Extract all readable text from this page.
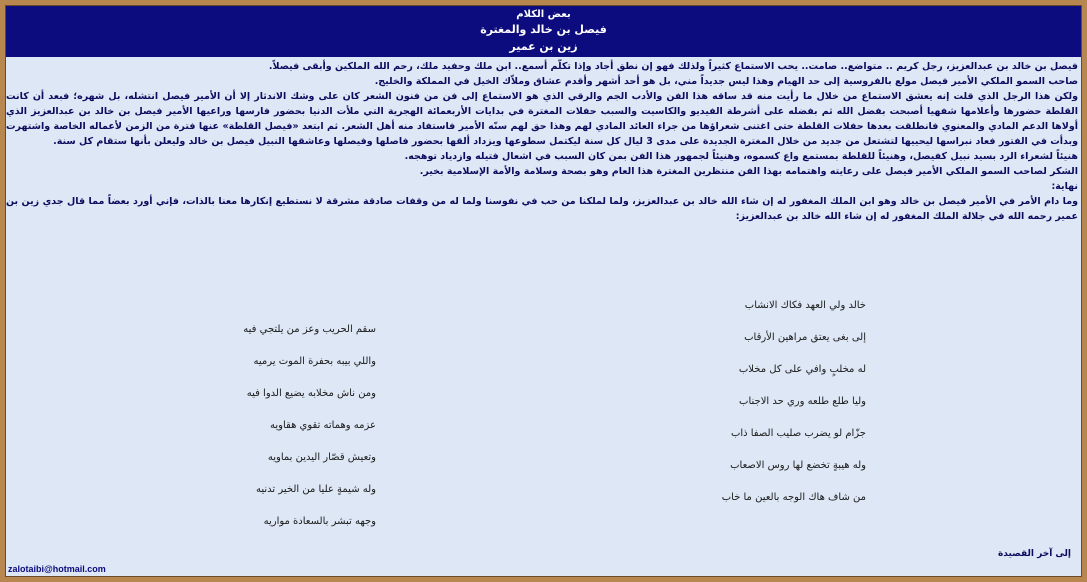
بعض الكلام
فيصل بن خالد والمغترة
زين بن عمير

فيصل بن خالد بن عبدالعزيز، رجل كريم .. متواضع.. صامت.. يحب الاستماع كثيراً ولذلك فهو إن نطق أجاد وإذا تكلّم أسمع.. ابن ملك وحفيد ملك، رحم الله الملكين وأبقى فيصلاً.

صاحب السمو الملكي الأمير فيصل مولع بالفروسية إلى حد الهيام وهذا ليس جديداً مني، بل هو أحد أشهر وأقدم عشاق وملاّك الخيل في المملكة والخليج.

ولكن هذا الرجل الذي قلت إنه يعشق الاستماع من خلال ما رأيت منه قد ساقه هذا الفن والأدب الجم والرقي الذي هو الاستماع إلى فن من فنون الشعر كان على وشك الاندثار إلا أن الأمير فيصل انتشله، بل شهره؛ فبعد أن كانت القلطة حضورها وأعلامها شفهيا أصبحت بفضل الله ثم بفضله على أشرطة الفيديو والكاسيت والسبب حفلات المغترة في بدايات الأربعمائة الهجرية التي ملأت الدنيا بحضور فارسها وراعيها الأمير فيصل بن خالد بن عبدالعزيز الذي أولاها الدعم المادي والمعنوي فانطلقت بعدها حفلات القلطة حتى اغتنى شعراؤها من جراء العائد المادي لهم وهذا حق لهم سنّه الأمير فاستفاد منه أهل الشعر. ثم ابتعد «فيصل القلطة» عنها فترة من الزمن لأعماله الخاصة واشتهرت وبدأت في الفتور فعاد نبراسها ليحييها لتشتعل من جديد من خلال المغترة الجديدة على مدى 3 ليال كل سنة ليكتمل سطوعها ويزداد ألقها بحضور فاصلها وفيصلها وعاشقها النبيل فيصل بن خالد وليعلن بأنها ستقام كل سنة.

هنيئاً لشعراء الرد بسيد نبيل كفيصل، وهنيئاً للقلطة بمستمع واع كسموه، وهنيئاً لجمهور هذا الفن بمن كان السبب في اشعال فتيله وازدياد توهجه.

الشكر لصاحب السمو الملكي الأمير فيصل على رعايته واهتمامه بهذا الفن منتظرين المغترة هذا العام وهو بصحة وسلامة والأمة الإسلامية بخير.

نهاية:

وما دام الأمر في الأمير فيصل بن خالد وهو ابن الملك المغفور له إن شاء الله خالد بن عبدالعزيز، ولما لملكنا من حب في نفوسنا ولما له من وقفات صادقة مشرقة لا نستطيع إنكارها معنا بالذات، فإني أورد بعضاً مما قال جدي زين بن عمير رحمه الله في جلالة الملك المغفور له إن شاء الله خالد بن عبدالعزيز:

خالد ولي العهد فكاك الانشاب
إلى بغى يعتق مراهين الأرقاب
له مخلبٍ وافي على كل مخلاب
وليا طلع طلعه وري حد الاجناب
جزّام لو يضرب صليب الصفا ذاب
وله هيبةٍ تخضع لها روس الاصعاب
من شاف هاك الوجه بالعين ما خاب
سقم الحريب وعز من يلتجي فيه
واللي بيبه بحفرة الموت يرميه
ومن ناش مخلابه يضيع الدوا فيه
عزمه وهماته تقوي هقاويه
وتعيش قصّار اليدين بماويه
وله شيمةٍ عليا من الخير تدنيه
وجهه تبشر بالسعادة مواريه
إلى آخر القصيدة
zalotaibi@hotmail.com
